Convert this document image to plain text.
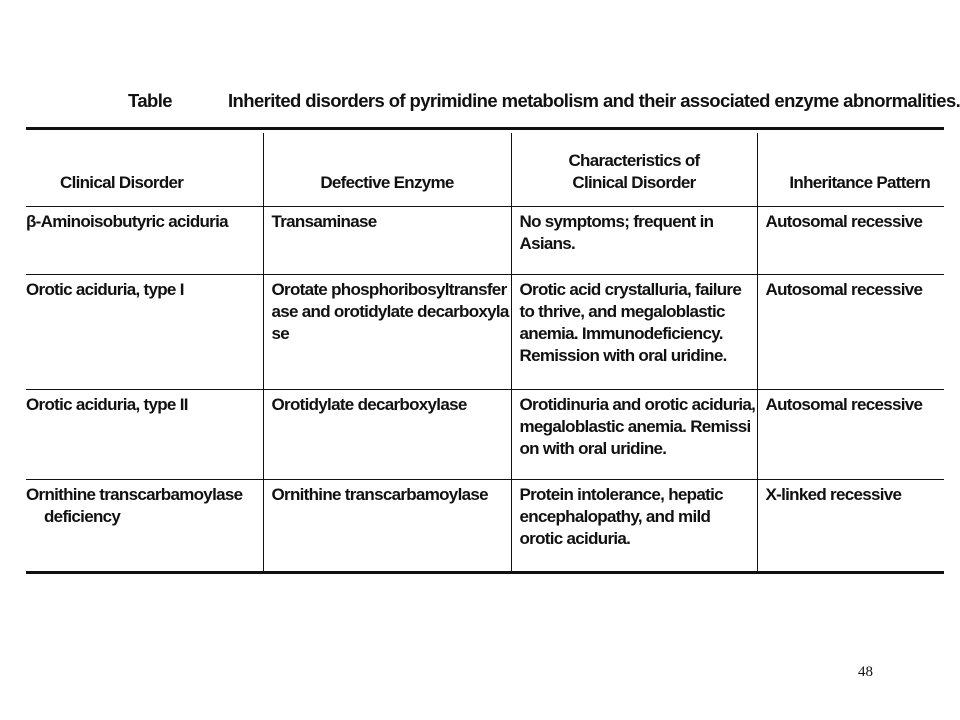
Table	Inherited disorders of pyrimidine metabolism and their associated enzyme abnormalities.
Clinical Disorder	Defective Enzyme	Characteristics of Clinical Disorder	Inheritance Pattern
β-Aminoisobutyric aciduria	Transaminase	No symptoms; frequent in Asians.	Autosomal recessive
Orotic aciduria, type I	Orotate phosphoribosyltransferase and orotidylate decarboxylase	Orotic acid crystalluria, failure to thrive, and megaloblastic anemia. Immunodeficiency. Remission with oral uridine.	Autosomal recessive
Orotic aciduria, type II	Orotidylate decarboxylase	Orotidinuria and orotic aciduria, megaloblastic anemia. Remission with oral uridine.	Autosomal recessive
Ornithine transcarbamoylase deficiency	Ornithine transcarbamoylase	Protein intolerance, hepatic encephalopathy, and mild orotic aciduria.	X-linked recessive
48
